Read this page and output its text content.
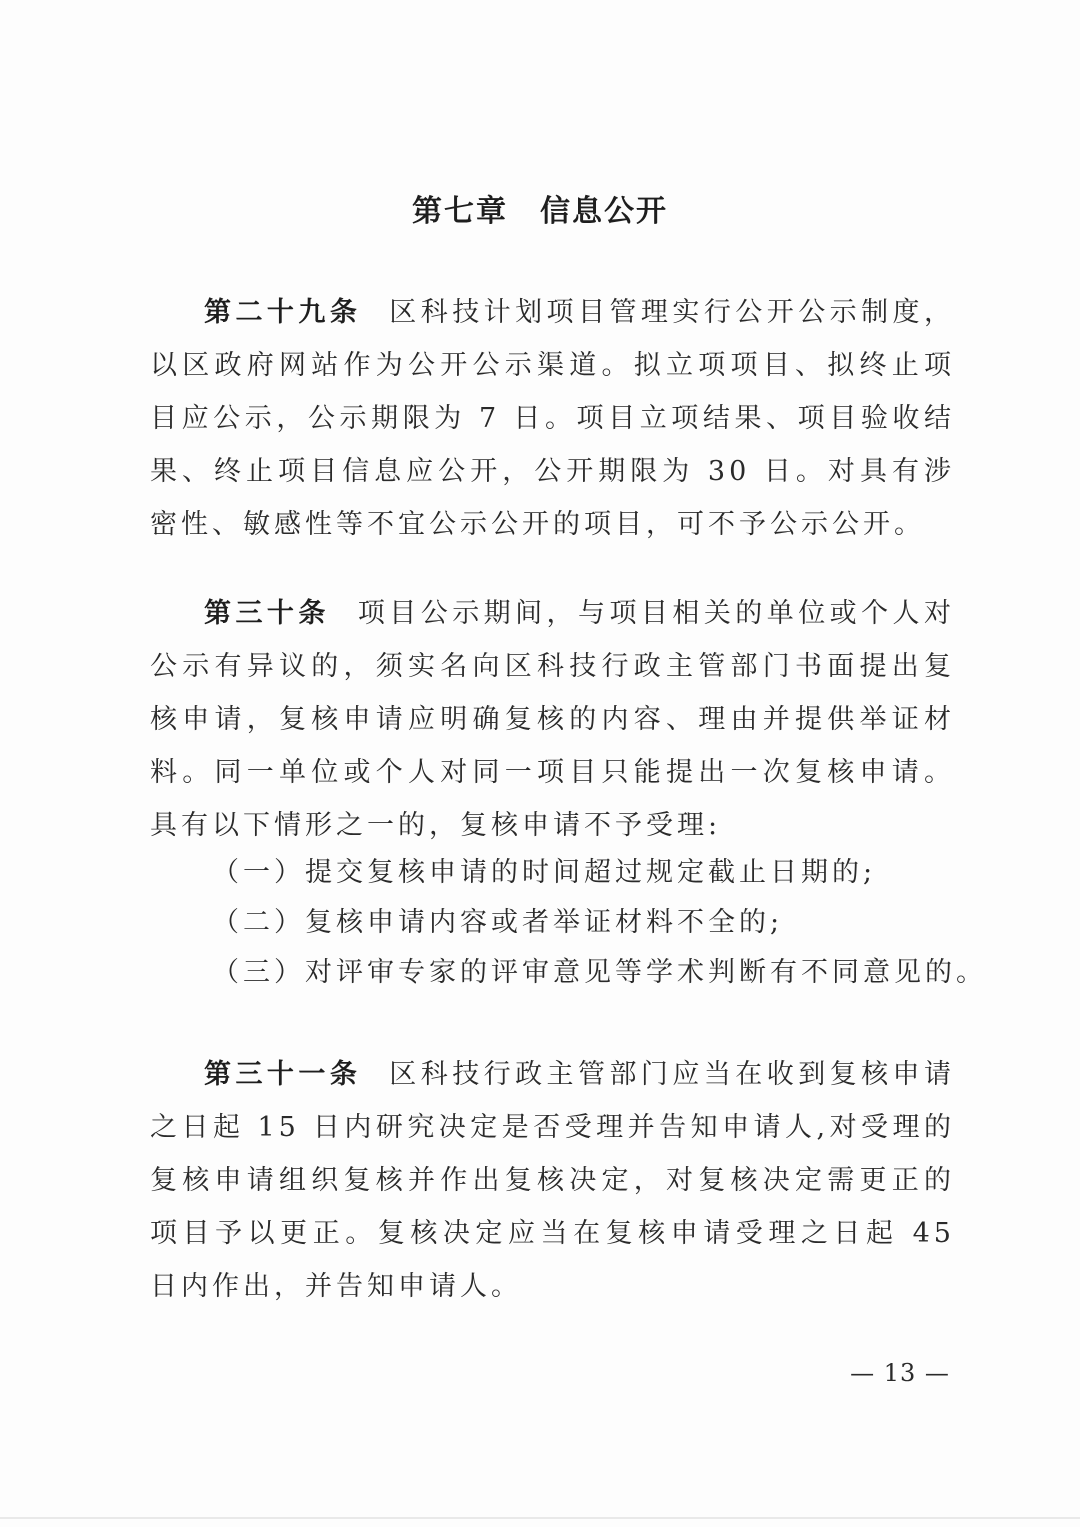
第七章　信息公开

第二十九条 区科技计划项目管理实行公开公示制度，以区政府网站作为公开公示渠道。拟立项项目、拟终止项目应公示，公示期限为 7 日。项目立项结果、项目验收结果、终止项目信息应公开，公开期限为 30 日。对具有涉密性、敏感性等不宜公示公开的项目，可不予公示公开。

第三十条 项目公示期间，与项目相关的单位或个人对公示有异议的，须实名向区科技行政主管部门书面提出复核申请，复核申请应明确复核的内容、理由并提供举证材料。同一单位或个人对同一项目只能提出一次复核申请。具有以下情形之一的，复核申请不予受理:

（一）提交复核申请的时间超过规定截止日期的;

（二）复核申请内容或者举证材料不全的;

（三）对评审专家的评审意见等学术判断有不同意见的。

第三十一条 区科技行政主管部门应当在收到复核申请之日起 15 日内研究决定是否受理并告知申请人,对受理的复核申请组织复核并作出复核决定，对复核决定需更正的项目予以更正。复核决定应当在复核申请受理之日起 45 日内作出，并告知申请人。

— 13 —
